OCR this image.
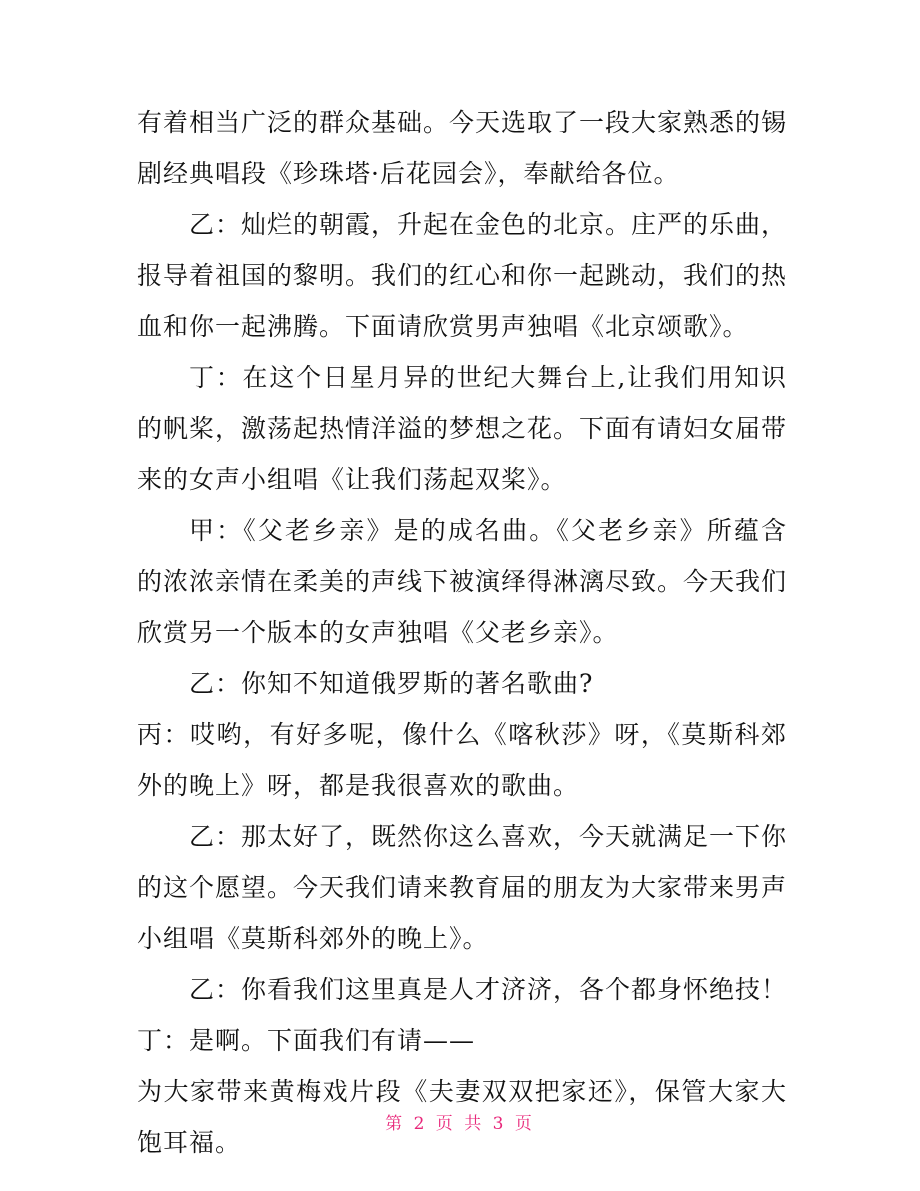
有着相当广泛的群众基础。今天选取了一段大家熟悉的锡剧经典唱段《珍珠塔·后花园会》，奉献给各位。

乙：灿烂的朝霞，升起在金色的北京。庄严的乐曲，报导着祖国的黎明。我们的红心和你一起跳动，我们的热血和你一起沸腾。下面请欣赏男声独唱《北京颂歌》。

丁：在这个日星月异的世纪大舞台上,让我们用知识的帆桨，激荡起热情洋溢的梦想之花。下面有请妇女届带来的女声小组唱《让我们荡起双桨》。

甲：《父老乡亲》是的成名曲。《父老乡亲》所蕴含的浓浓亲情在柔美的声线下被演绎得淋漓尽致。今天我们欣赏另一个版本的女声独唱《父老乡亲》。

乙：你知不知道俄罗斯的著名歌曲?

丙：哎哟，有好多呢，像什么《喀秋莎》呀，《莫斯科郊外的晚上》呀，都是我很喜欢的歌曲。

乙：那太好了，既然你这么喜欢，今天就满足一下你的这个愿望。今天我们请来教育届的朋友为大家带来男声小组唱《莫斯科郊外的晚上》。

乙：你看我们这里真是人才济济，各个都身怀绝技！

丁：是啊。下面我们有请——

为大家带来黄梅戏片段《夫妻双双把家还》，保管大家大饱耳福。

第 2 页 共 3 页
